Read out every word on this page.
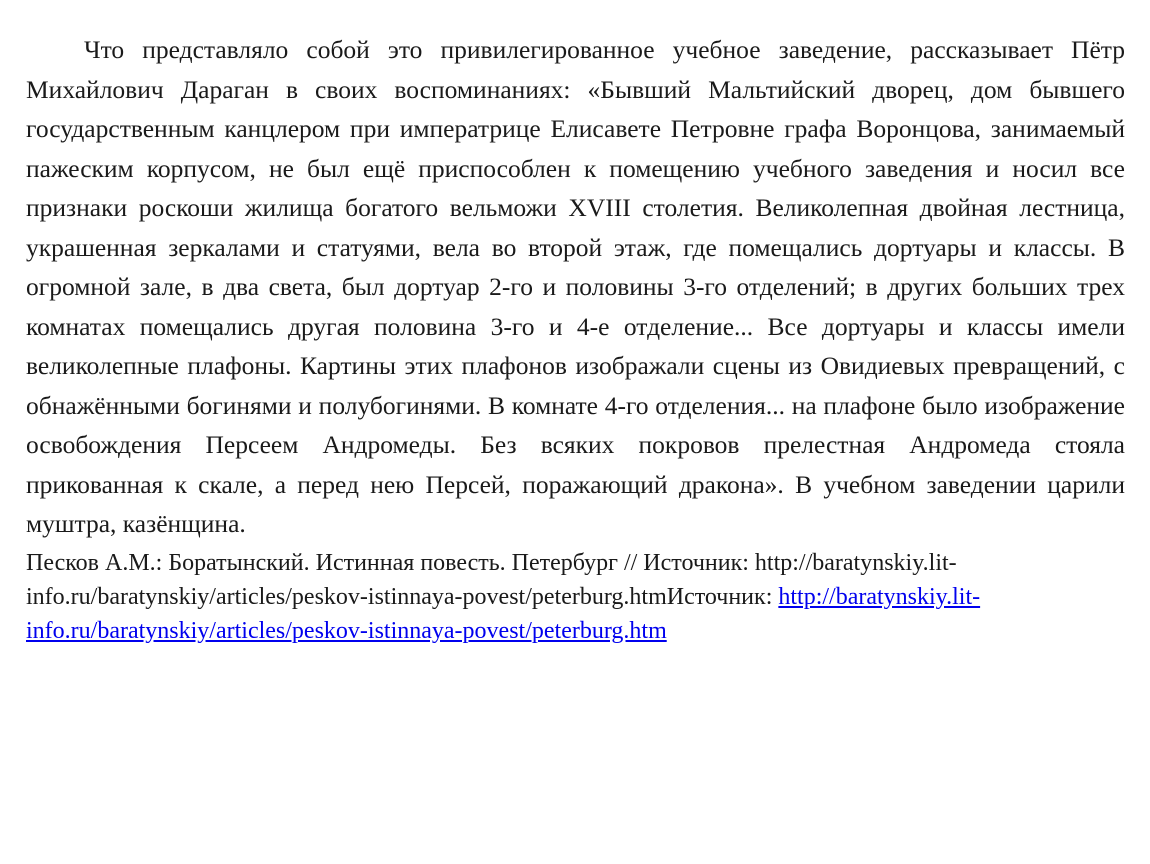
Что представляло собой это привилегированное учебное заведение, рассказывает Пётр Михайлович Дараган в своих воспоминаниях: «Бывший Мальтийский дворец, дом бывшего государственным канцлером при императрице Елисавете Петровне графа Воронцова, занимаемый пажеским корпусом, не был ещё приспособлен к помещению учебного заведения и носил все признаки роскоши жилища богатого вельможи XVIII столетия. Великолепная двойная лестница, украшенная зеркалами и статуями, вела во второй этаж, где помещались дортуары и классы. В огромной зале, в два света, был дортуар 2-го и половины 3-го отделений; в других больших трех комнатах помещались другая половина 3-го и 4-е отделение... Все дортуары и классы имели великолепные плафоны. Картины этих плафонов изображали сцены из Овидиевых превращений, с обнажёнными богинями и полубогинями. В комнате 4-го отделения... на плафоне было изображение освобождения Персеем Андромеды. Без всяких покровов прелестная Андромеда стояла прикованная к скале, а перед нею Персей, поражающий дракона». В учебном заведении царили муштра, казёнщина.

Песков А.М.: Боратынский. Истинная повесть. Петербург // Источник: http://baratynskiy.lit-info.ru/baratynskiy/articles/peskov-istinnaya-povest/peterburg.htmИсточник: http://baratynskiy.lit-info.ru/baratynskiy/articles/peskov-istinnaya-povest/peterburg.htm
